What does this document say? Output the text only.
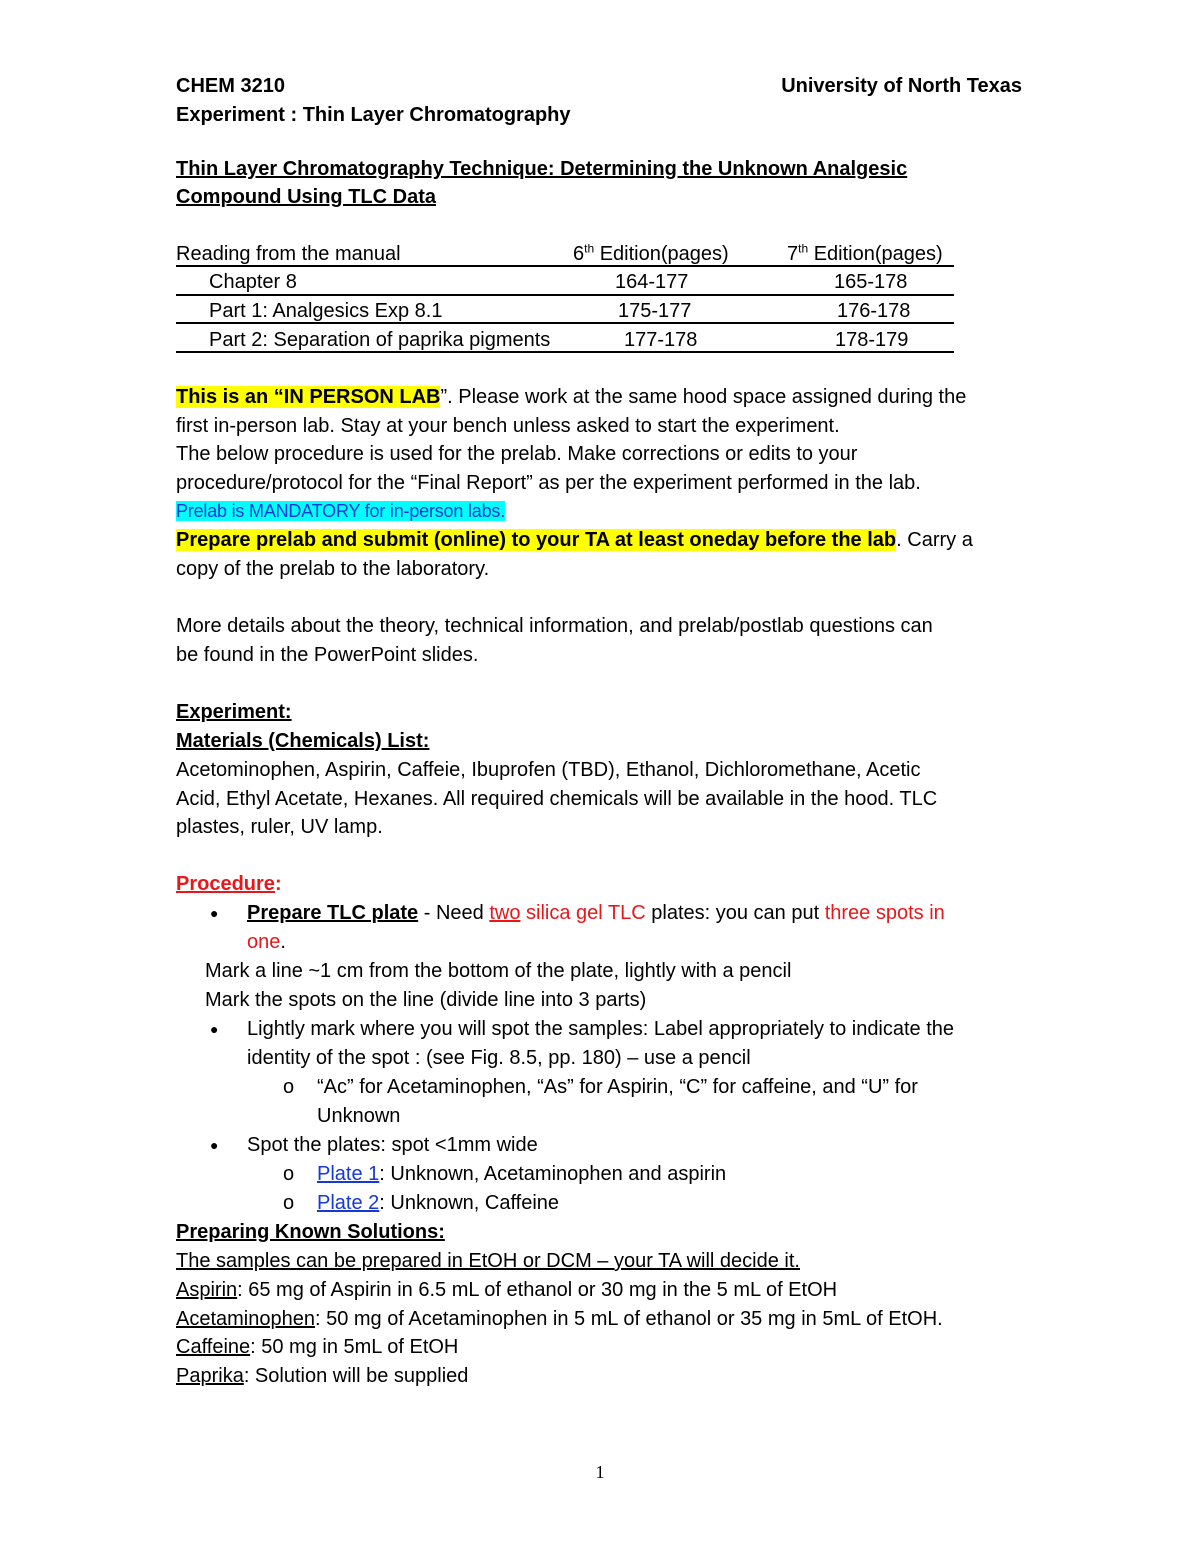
CHEM 3210	University of North Texas
Experiment : Thin Layer Chromatography
Thin Layer Chromatography Technique: Determining the Unknown Analgesic
Compound Using TLC Data
Reading from the manual	6th Edition(pages)	7th Edition(pages)
Chapter 8	164-177	165-178
Part 1: Analgesics Exp 8.1	175-177	176-178
Part 2: Separation of paprika pigments	177-178	178-179
This is an “IN PERSON LAB”. Please work at the same hood space assigned during the
first in-person lab. Stay at your bench unless asked to start the experiment.
The below procedure is used for the prelab. Make corrections or edits to your
procedure/protocol for the “Final Report” as per the experiment performed in the lab.
Prelab is MANDATORY for in-person labs.
Prepare prelab and submit (online) to your TA at least oneday before the lab. Carry a
copy of the prelab to the laboratory.
More details about the theory, technical information, and prelab/postlab questions can
be found in the PowerPoint slides.
Experiment:
Materials (Chemicals) List:
Acetominophen, Aspirin, Caffeie, Ibuprofen (TBD), Ethanol, Dichloromethane, Acetic
Acid, Ethyl Acetate, Hexanes. All required chemicals will be available in the hood. TLC
plastes, ruler, UV lamp.
Procedure:
● Prepare TLC plate - Need two silica gel TLC plates: you can put three spots in
one.
Mark a line ~1 cm from the bottom of the plate, lightly with a pencil
Mark the spots on the line (divide line into 3 parts)
● Lightly mark where you will spot the samples: Label appropriately to indicate the
identity of the spot : (see Fig. 8.5, pp. 180) – use a pencil
o “Ac” for Acetaminophen, “As” for Aspirin, “C” for caffeine, and “U” for
Unknown
● Spot the plates: spot <1mm wide
o Plate 1: Unknown, Acetaminophen and aspirin
o Plate 2: Unknown, Caffeine
Preparing Known Solutions:
The samples can be prepared in EtOH or DCM – your TA will decide it.
Aspirin: 65 mg of Aspirin in 6.5 mL of ethanol or 30 mg in the 5 mL of EtOH
Acetaminophen: 50 mg of Acetaminophen in 5 mL of ethanol or 35 mg in 5mL of EtOH.
Caffeine: 50 mg in 5mL of EtOH
Paprika: Solution will be supplied
1
